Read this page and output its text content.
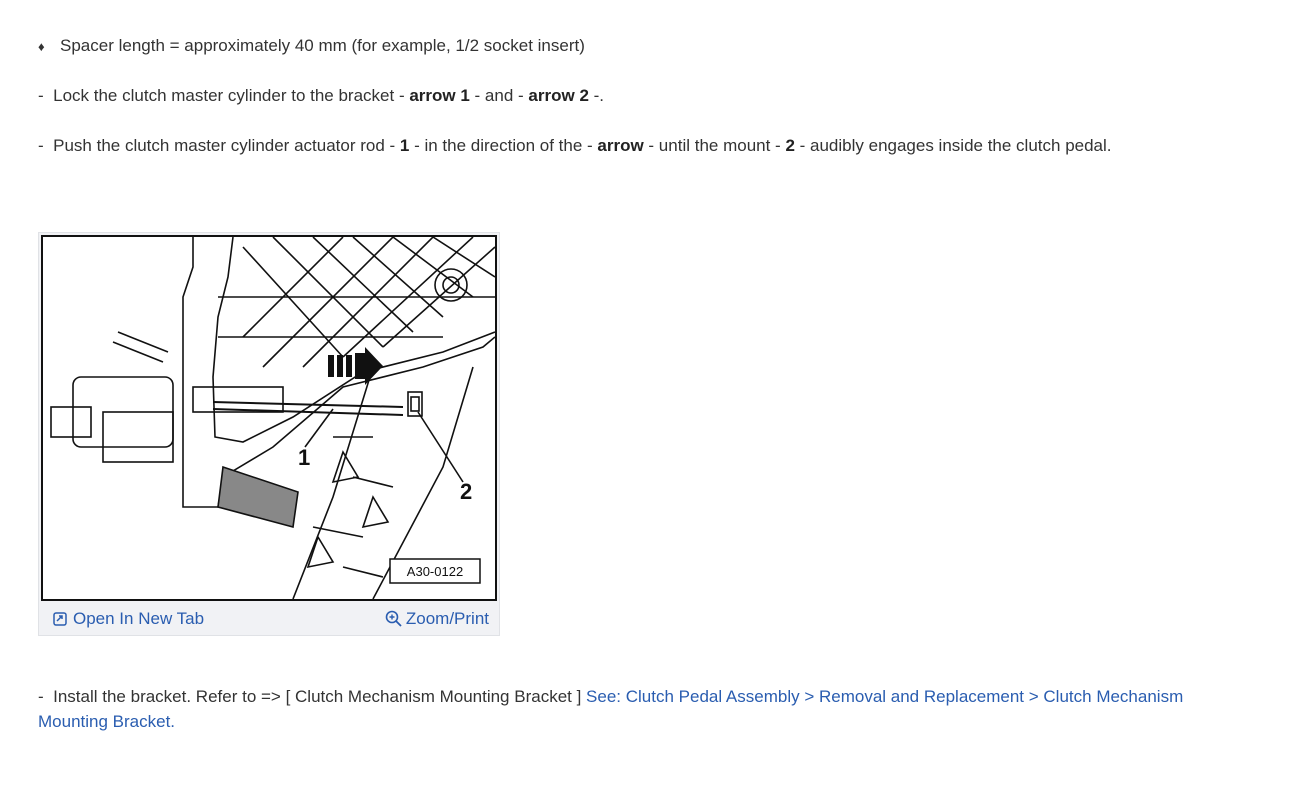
♦ Spacer length = approximately 40 mm (for example, 1/2 socket insert)
- Lock the clutch master cylinder to the bracket - arrow 1 - and - arrow 2 -.
- Push the clutch master cylinder actuator rod - 1 - in the direction of the - arrow - until the mount - 2 - audibly engages inside the clutch pedal.
1
2
A30-0122
Open In New Tab	Zoom/Print
- Install the bracket. Refer to => [ Clutch Mechanism Mounting Bracket ] See: Clutch Pedal Assembly > Removal and Replacement > Clutch Mechanism Mounting Bracket.
